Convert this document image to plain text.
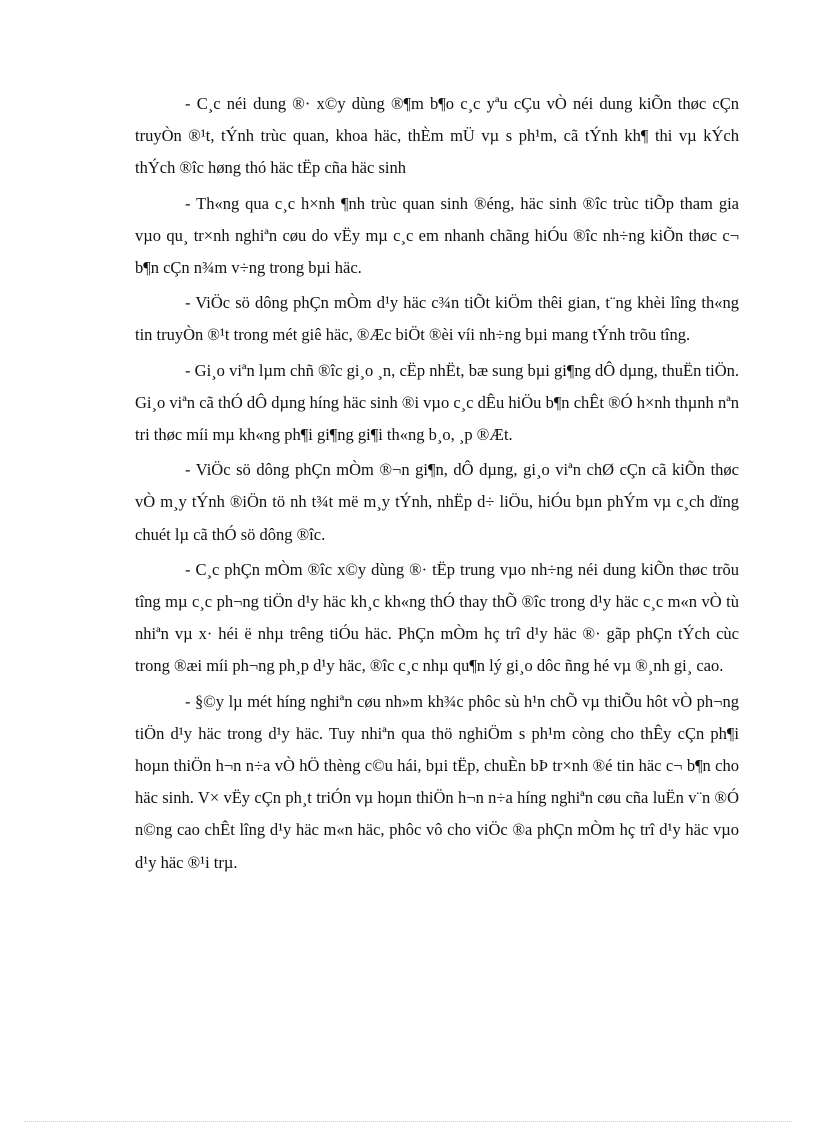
- C¸c néi dung ®· x©y dùng ®¶m b¶o c¸c yªu cÇu vÒ néi dung kiÕn thøc cÇn truyÒn ®¹t, tÝnh trùc quan, khoa häc, thÈm mÜ vµ s ph¹m, cã tÝnh kh¶ thi vµ kÝch thÝch ®îc høng thó häc tËp cña häc sinh

- Th«ng qua c¸c h×nh ¶nh trùc quan sinh ®éng, häc sinh ®îc trùc tiÕp tham gia vµo qu¸ tr×nh nghiªn cøu do vËy mµ c¸c em nhanh chãng hiÓu ®îc nh÷ng kiÕn thøc c¬ b¶n cÇn n¾m v÷ng trong bµi häc.

- ViÖc sö dông phÇn mÒm d¹y häc c¾n tiÕt kiÖm thêi gian, t¨ng khèi lîng th«ng tin truyÒn ®¹t trong mét giê häc, ®Æc biÖt ®èi víi nh÷ng bµi mang tÝnh trõu tîng.

- Gi¸o viªn lµm chñ ®îc gi¸o ¸n, cËp nhËt, bæ sung bµi gi¶ng dÔ dµng, thuËn tiÖn. Gi¸o viªn cã thÓ dÔ dµng híng häc sinh ®i vµo c¸c dÊu hiÖu b¶n chÊt ®Ó h×nh thµnh nªn tri thøc míi mµ kh«ng ph¶i gi¶ng gi¶i th«ng b¸o, ¸p ®Æt.

- ViÖc sö dông phÇn mÒm ®¬n gi¶n, dÔ dµng, gi¸o viªn chØ cÇn cã kiÕn thøc vÒ m¸y tÝnh ®iÖn tö nh t¾t më m¸y tÝnh, nhËp d÷ liÖu, hiÓu bµn phÝm vµ c¸ch dïng chuét lµ cã thÓ sö dông ®îc.

- C¸c phÇn mÒm ®îc x©y dùng ®· tËp trung vµo nh÷ng néi dung kiÕn thøc trõu tîng mµ c¸c ph¬ng tiÖn d¹y häc kh¸c kh«ng thÓ thay thÕ ®îc trong d¹y häc c¸c m«n vÒ tù nhiªn vµ x· héi ë nhµ trêng tiÓu häc. PhÇn mÒm hç trî d¹y häc ®· gãp phÇn tÝch cùc trong ®æi míi ph¬ng ph¸p d¹y häc, ®îc c¸c nhµ qu¶n lý gi¸o dôc ñng hé vµ ®¸nh gi¸ cao.

- §©y lµ mét híng nghiªn cøu nh»m kh¾c phôc sù h¹n chÕ vµ thiÕu hôt vÒ ph¬ng tiÖn d¹y häc trong d¹y häc. Tuy nhiªn qua thö nghiÖm s ph¹m còng cho thÊy cÇn ph¶i hoµn thiÖn h¬n n÷a vÒ hÖ thèng c©u hái, bµi tËp, chuÈn bÞ tr×nh ®é tin häc c¬ b¶n cho häc sinh. V× vËy cÇn ph¸t triÓn vµ hoµn thiÖn h¬n n÷a híng nghiªn cøu cña luËn v¨n ®Ó n©ng cao chÊt lîng d¹y häc m«n häc, phôc vô cho viÖc ®a phÇn mÒm hç trî d¹y häc vµo d¹y häc ®¹i trµ.
